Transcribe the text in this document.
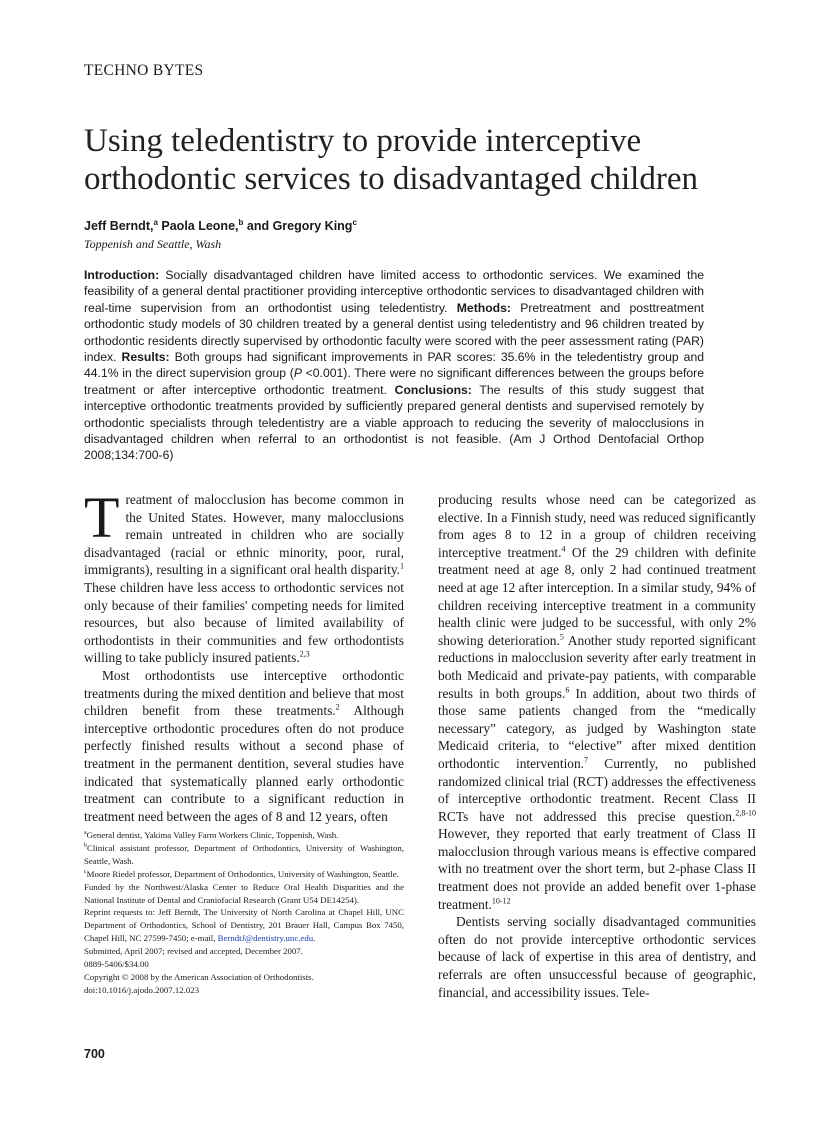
TECHNO BYTES
Using teledentistry to provide interceptive orthodontic services to disadvantaged children
Jeff Berndt,$^a$ Paola Leone,$^b$ and Gregory King$^c$
Toppenish and Seattle, Wash

Introduction: Socially disadvantaged children have limited access to orthodontic services. We examined the feasibility of a general dental practitioner providing interceptive orthodontic services to disadvantaged children with real-time supervision from an orthodontist using teledentistry. Methods: Pretreatment and posttreatment orthodontic study models of 30 children treated by a general dentist using teledentistry and 96 children treated by orthodontic residents directly supervised by orthodontic faculty were scored with the peer assessment rating (PAR) index. Results: Both groups had significant improvements in PAR scores: 35.6% in the teledentistry group and 44.1% in the direct supervision group (P <0.001). There were no significant differences between the groups before treatment or after interceptive orthodontic treatment. Conclusions: The results of this study suggest that interceptive orthodontic treatments provided by sufficiently prepared general dentists and supervised remotely by orthodontic specialists through teledentistry are a viable approach to reducing the severity of malocclusions in disadvantaged children when referral to an orthodontist is not feasible. (Am J Orthod Dentofacial Orthop 2008;134:700-6)

Treatment of malocclusion has become common in the United States. However, many malocclusions remain untreated in children who are socially disadvantaged (racial or ethnic minority, poor, rural, immigrants), resulting in a significant oral health disparity.$^1$ These children have less access to orthodontic services not only because of their families' competing needs for limited resources, but also because of limited availability of orthodontists in their communities and few orthodontists willing to take publicly insured patients.$^{2,3}$

Most orthodontists use interceptive orthodontic treatments during the mixed dentition and believe that most children benefit from these treatments.$^2$ Although interceptive orthodontic procedures often do not produce perfectly finished results without a second phase of treatment in the permanent dentition, several studies have indicated that systematically planned early orthodontic treatment can contribute to a significant reduction in treatment need between the ages of 8 and 12 years, often

producing results whose need can be categorized as elective. In a Finnish study, need was reduced significantly from ages 8 to 12 in a group of children receiving interceptive treatment.$^4$ Of the 29 children with definite treatment need at age 8, only 2 had continued treatment need at age 12 after interception. In a similar study, 94% of children receiving interceptive treatment in a community health clinic were judged to be successful, with only 2% showing deterioration.$^5$ Another study reported significant reductions in malocclusion severity after early treatment in both Medicaid and private-pay patients, with comparable results in both groups.$^6$ In addition, about two thirds of those same patients changed from the “medically necessary” category, as judged by Washington state Medicaid criteria, to “elective” after mixed dentition orthodontic intervention.$^7$ Currently, no published randomized clinical trial (RCT) addresses the effectiveness of interceptive orthodontic treatment. Recent Class II RCTs have not addressed this precise question.$^{2,8-10}$ However, they reported that early treatment of Class II malocclusion through various means is effective compared with no treatment over the short term, but 2-phase Class II treatment does not provide an added benefit over 1-phase treatment.$^{10-12}$

Dentists serving socially disadvantaged communities often do not provide interceptive orthodontic services because of lack of expertise in this area of dentistry, and referrals are often unsuccessful because of geographic, financial, and accessibility issues. Tele-

$^a$General dentist, Yakima Valley Farm Workers Clinic, Toppenish, Wash.

$^b$Clinical assistant professor, Department of Orthodontics, University of Washington, Seattle, Wash.

$^c$Moore Riedel professor, Department of Orthodontics, University of Washington, Seattle.

Funded by the Northwest/Alaska Center to Reduce Oral Health Disparities and the National Institute of Dental and Craniofacial Research (Grant U54 DE14254).

Reprint requests to: Jeff Berndt, The University of North Carolina at Chapel Hill, UNC Department of Orthodontics, School of Dentistry, 201 Brauer Hall, Campus Box 7450, Chapel Hill, NC 27599-7450; e-mail, BerndtJ@dentistry.unc.edu.

Submitted, April 2007; revised and accepted, December 2007.

0889-5406/$34.00

Copyright © 2008 by the American Association of Orthodontists.

doi:10.1016/j.ajodo.2007.12.023

700
